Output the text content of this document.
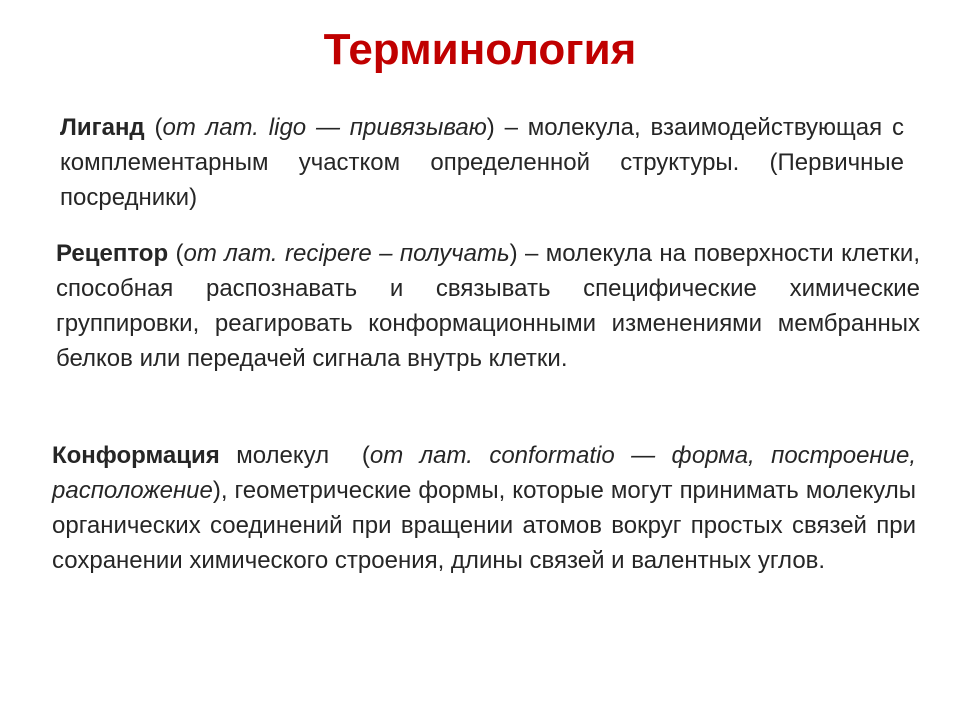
Терминология

Лиганд (от лат. ligo — привязываю) – молекула, взаимодействующая с комплементарным участком определенной структуры. (Первичные посредники)

Рецептор (от лат. recipere – получать) – молекула на поверхности клетки, способная распознавать и связывать специфические химические группировки, реагировать конформационными изменениями мембранных белков или передачей сигнала внутрь клетки.

Конформация молекул  (от лат. conformatio — форма, построение, расположение), геометрические формы, которые могут принимать молекулы органических соединений при вращении атомов вокруг простых связей при сохранении химического строения, длины связей и валентных углов.
